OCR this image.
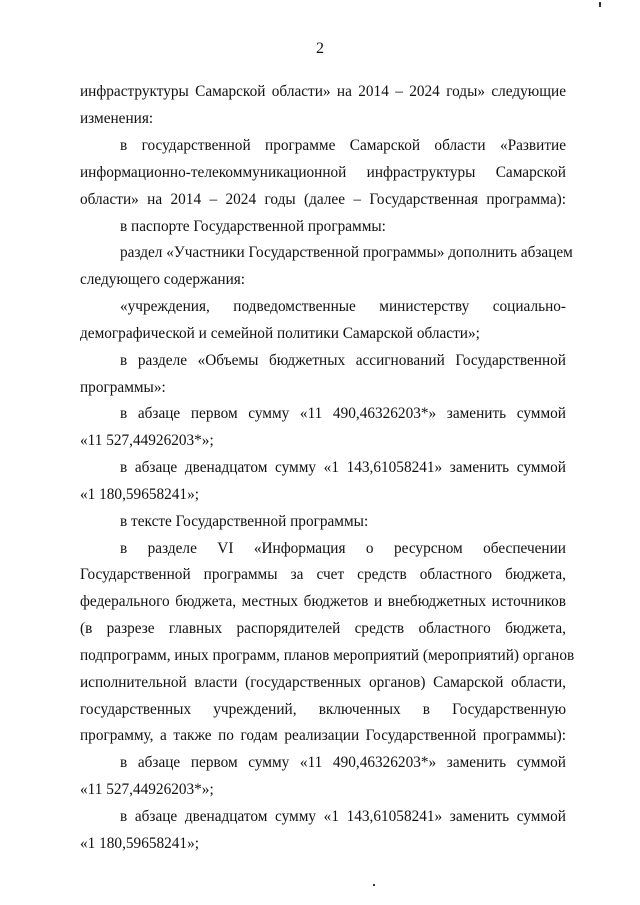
2
инфраструктуры Самарской области» на 2014 – 2024 годы» следующие
изменения:
в государственной программе Самарской области «Развитие
информационно-телекоммуникационной инфраструктуры Самарской
области» на 2014 – 2024 годы (далее – Государственная программа):
в паспорте Государственной программы:
раздел «Участники Государственной программы» дополнить абзацем
следующего содержания:
«учреждения, подведомственные министерству социально-
демографической и семейной политики Самарской области»;
в разделе «Объемы бюджетных ассигнований Государственной
программы»:
в абзаце первом сумму «11 490,46326203*» заменить суммой
«11 527,44926203*»;
в абзаце двенадцатом сумму «1 143,61058241» заменить суммой
«1 180,59658241»;
в тексте Государственной программы:
в разделе VI «Информация о ресурсном обеспечении
Государственной программы за счет средств областного бюджета,
федерального бюджета, местных бюджетов и внебюджетных источников
(в разрезе главных распорядителей средств областного бюджета,
подпрограмм, иных программ, планов мероприятий (мероприятий) органов
исполнительной власти (государственных органов) Самарской области,
государственных учреждений, включенных в Государственную
программу, а также по годам реализации Государственной программы):
в абзаце первом сумму «11 490,46326203*» заменить суммой
«11 527,44926203*»;
в абзаце двенадцатом сумму «1 143,61058241» заменить суммой
«1 180,59658241»;
